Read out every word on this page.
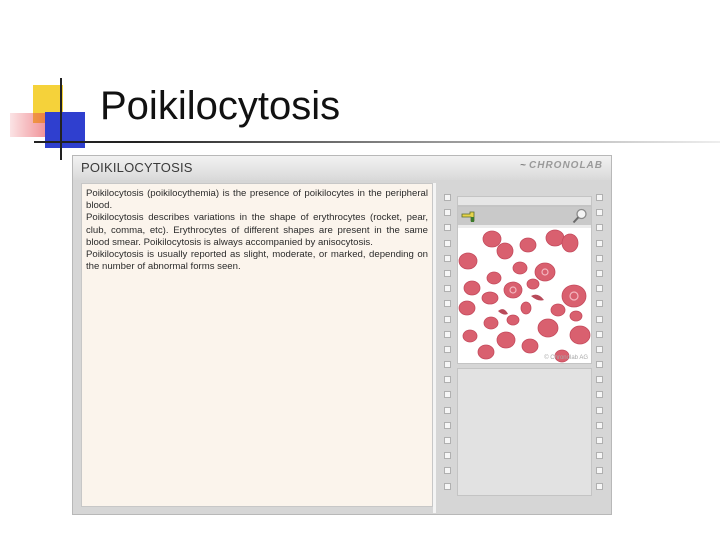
Poikilocytosis
POIKILOCYTOSIS	~ CHRONOLAB

Poikilocytosis (poikilocythemia) is the presence of poikilocytes in the peripheral blood.

Poikilocytosis describes variations in the shape of erythrocytes (rocket, pear, club, comma, etc). Erythrocytes of different shapes are present in the same blood smear. Poikilocytosis is always accompanied by anisocytosis.

Poikilocytosis is usually reported as slight, moderate, or marked, depending on the number of abnormal forms seen.

© Chronolab AG
